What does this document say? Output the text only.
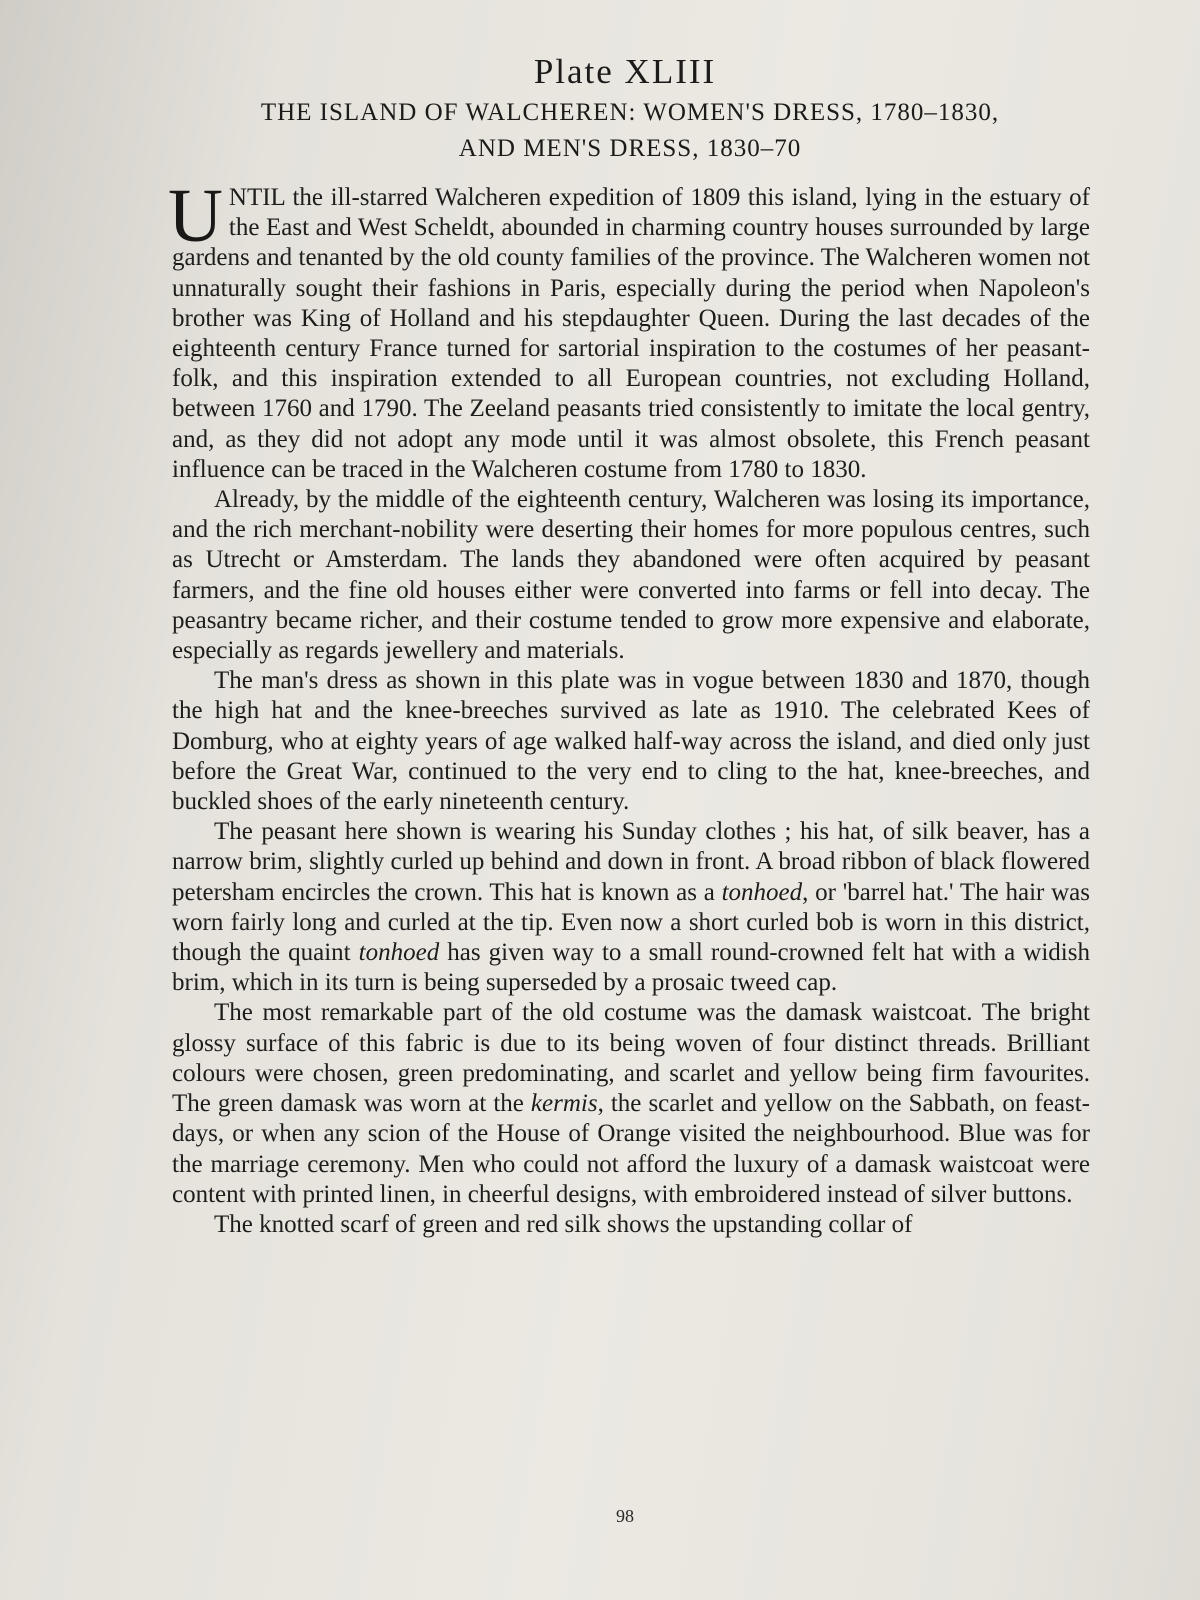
Plate XLIII
THE ISLAND OF WALCHEREN: WOMEN'S DRESS, 1780–1830,
AND MEN'S DRESS, 1830–70

UNTIL the ill-starred Walcheren expedition of 1809 this island, lying in the estuary of the East and West Scheldt, abounded in charming country houses surrounded by large gardens and tenanted by the old county families of the province. The Walcheren women not unnaturally sought their fashions in Paris, especially during the period when Napoleon's brother was King of Holland and his stepdaughter Queen. During the last decades of the eighteenth century France turned for sartorial inspiration to the costumes of her peasant-folk, and this inspiration extended to all European countries, not excluding Holland, between 1760 and 1790. The Zeeland peasants tried consistently to imitate the local gentry, and, as they did not adopt any mode until it was almost obsolete, this French peasant influence can be traced in the Walcheren costume from 1780 to 1830.

Already, by the middle of the eighteenth century, Walcheren was losing its importance, and the rich merchant-nobility were deserting their homes for more populous centres, such as Utrecht or Amsterdam. The lands they abandoned were often acquired by peasant farmers, and the fine old houses either were converted into farms or fell into decay. The peasantry became richer, and their costume tended to grow more expensive and elaborate, especially as regards jewellery and materials.

The man's dress as shown in this plate was in vogue between 1830 and 1870, though the high hat and the knee-breeches survived as late as 1910. The celebrated Kees of Domburg, who at eighty years of age walked half-way across the island, and died only just before the Great War, continued to the very end to cling to the hat, knee-breeches, and buckled shoes of the early nineteenth century.

The peasant here shown is wearing his Sunday clothes ; his hat, of silk beaver, has a narrow brim, slightly curled up behind and down in front. A broad ribbon of black flowered petersham encircles the crown. This hat is known as a tonhoed, or 'barrel hat.' The hair was worn fairly long and curled at the tip. Even now a short curled bob is worn in this district, though the quaint tonhoed has given way to a small round-crowned felt hat with a widish brim, which in its turn is being superseded by a prosaic tweed cap.

The most remarkable part of the old costume was the damask waistcoat. The bright glossy surface of this fabric is due to its being woven of four distinct threads. Brilliant colours were chosen, green predominating, and scarlet and yellow being firm favourites. The green damask was worn at the kermis, the scarlet and yellow on the Sabbath, on feast-days, or when any scion of the House of Orange visited the neighbourhood. Blue was for the marriage ceremony. Men who could not afford the luxury of a damask waistcoat were content with printed linen, in cheerful designs, with embroidered instead of silver buttons.

The knotted scarf of green and red silk shows the upstanding collar of

98
